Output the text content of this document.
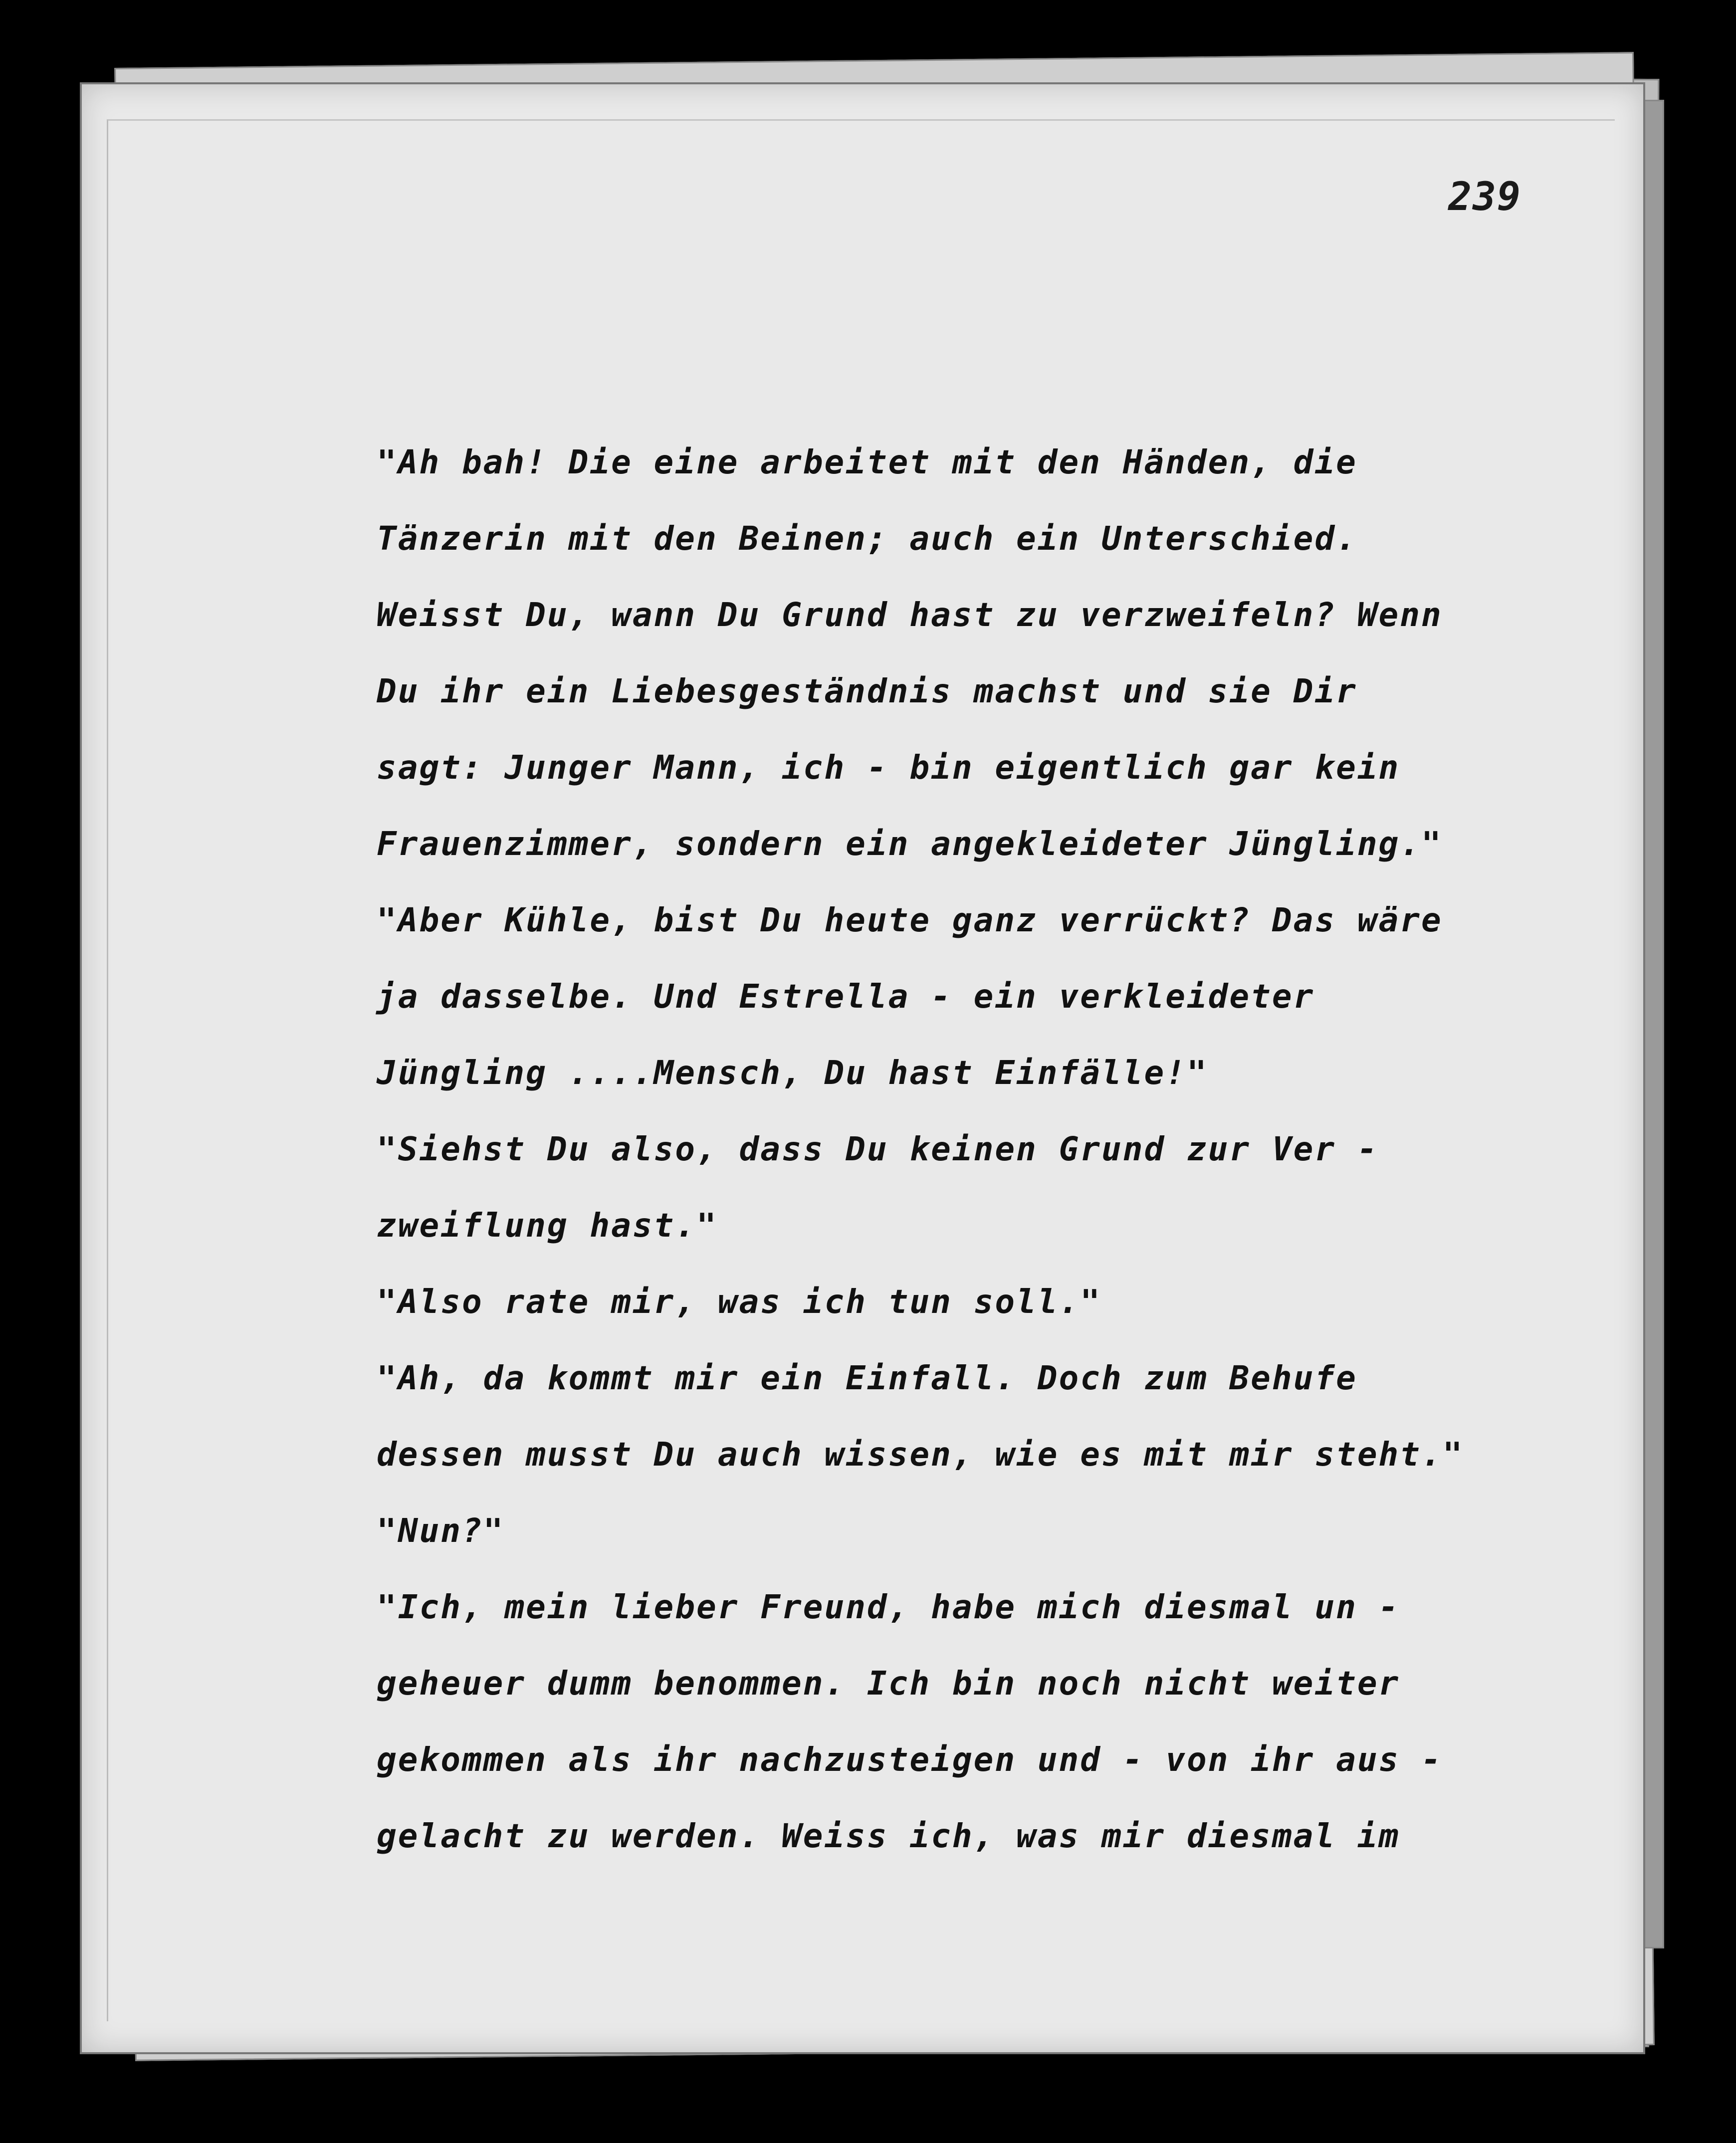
239
"Ah bah! Die eine arbeitet mit den Händen, die
Tänzerin mit den Beinen; auch ein Unterschied.
Weisst Du, wann Du Grund hast zu verzweifeln? Wenn
Du ihr ein Liebesgeständnis machst und sie Dir
sagt: Junger Mann, ich - bin eigentlich gar kein
Frauenzimmer, sondern ein angekleideter Jüngling."
"Aber Kühle, bist Du heute ganz verrückt? Das wäre
ja dasselbe. Und Estrella - ein verkleideter
Jüngling ....Mensch, Du hast Einfälle!"
"Siehst Du also, dass Du keinen Grund zur Ver -
zweiflung hast."
"Also rate mir, was ich tun soll."
"Ah, da kommt mir ein Einfall. Doch zum Behufe
dessen musst Du auch wissen, wie es mit mir steht."
"Nun?"
"Ich, mein lieber Freund, habe mich diesmal un -
geheuer dumm benommen. Ich bin noch nicht weiter
gekommen als ihr nachzusteigen und - von ihr aus -
gelacht zu werden. Weiss ich, was mir diesmal im
